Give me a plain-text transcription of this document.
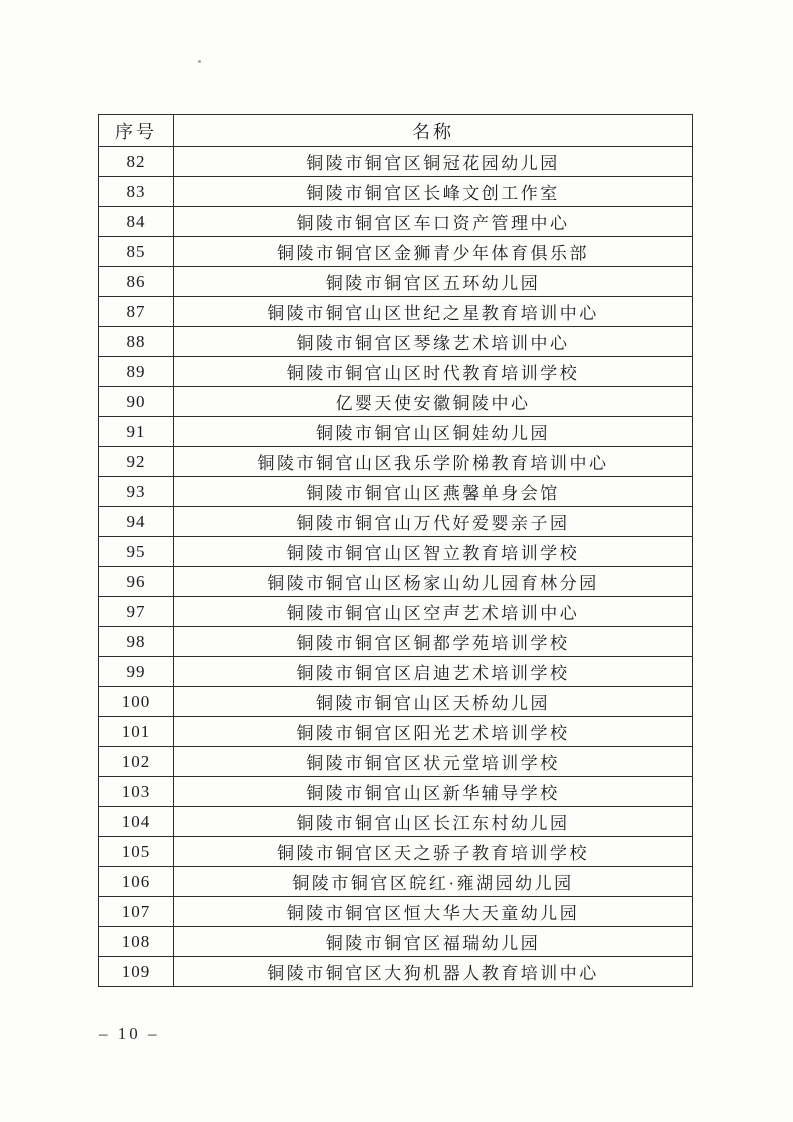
序号	名称
82	铜陵市铜官区铜冠花园幼儿园
83	铜陵市铜官区长峰文创工作室
84	铜陵市铜官区车口资产管理中心
85	铜陵市铜官区金狮青少年体育俱乐部
86	铜陵市铜官区五环幼儿园
87	铜陵市铜官山区世纪之星教育培训中心
88	铜陵市铜官区琴缘艺术培训中心
89	铜陵市铜官山区时代教育培训学校
90	亿婴天使安徽铜陵中心
91	铜陵市铜官山区铜娃幼儿园
92	铜陵市铜官山区我乐学阶梯教育培训中心
93	铜陵市铜官山区燕馨单身会馆
94	铜陵市铜官山万代好爱婴亲子园
95	铜陵市铜官山区智立教育培训学校
96	铜陵市铜官山区杨家山幼儿园育林分园
97	铜陵市铜官山区空声艺术培训中心
98	铜陵市铜官区铜都学苑培训学校
99	铜陵市铜官区启迪艺术培训学校
100	铜陵市铜官山区天桥幼儿园
101	铜陵市铜官区阳光艺术培训学校
102	铜陵市铜官区状元堂培训学校
103	铜陵市铜官山区新华辅导学校
104	铜陵市铜官山区长江东村幼儿园
105	铜陵市铜官区天之骄子教育培训学校
106	铜陵市铜官区皖红·雍湖园幼儿园
107	铜陵市铜官区恒大华大天童幼儿园
108	铜陵市铜官区福瑞幼儿园
109	铜陵市铜官区大狗机器人教育培训中心
– 10 –
